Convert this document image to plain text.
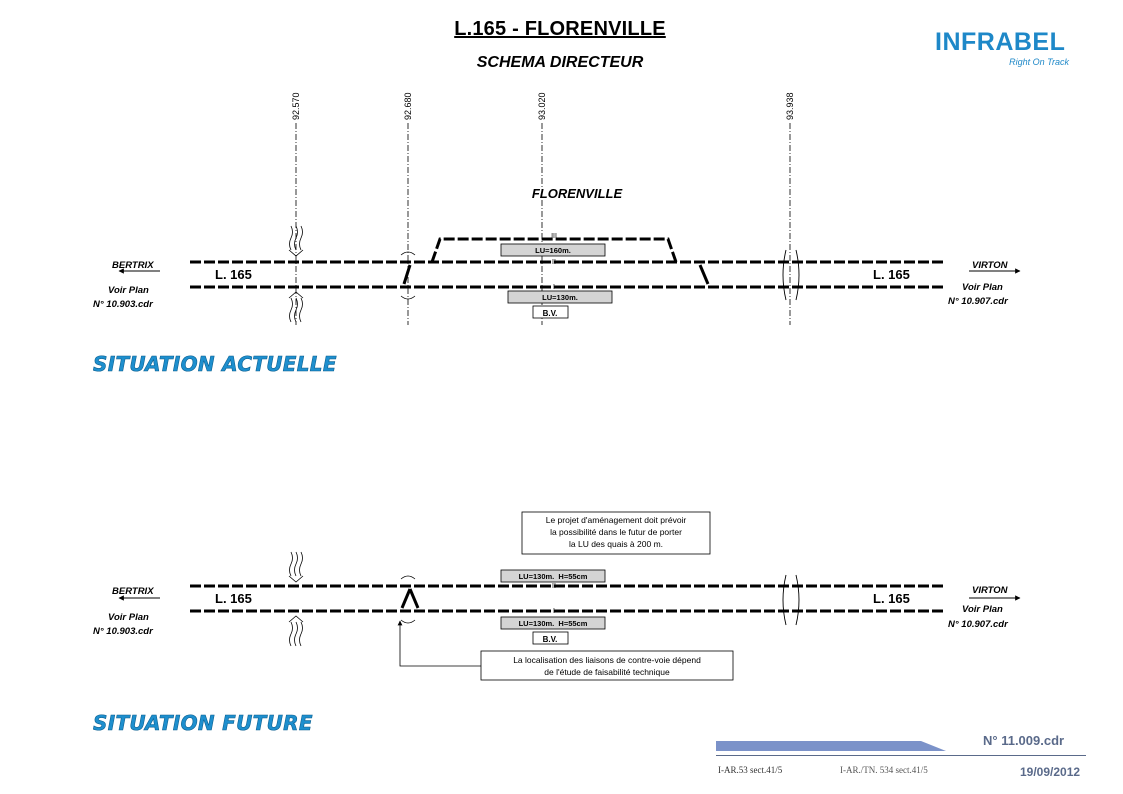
L.165 - FLORENVILLE
SCHEMA DIRECTEUR
INFRABEL
Right On Track
92.570	92.680	93.020	93.938
FLORENVILLE
LU=160m.
LU=130m.
B.V.
III
II
I
L. 165	L. 165
BERTRIX
Voir Plan
N° 10.903.cdr
VIRTON
Voir Plan
N° 10.907.cdr
LU=130m.  H=55cm
LU=130m.  H=55cm
B.V.
II
I
L. 165	L. 165
BERTRIX
Voir Plan
N° 10.903.cdr
VIRTON
Voir Plan
N° 10.907.cdr
Le projet d'aménagement doit prévoir
la possibilité dans le futur de porter
la LU des quais à 200 m.
La localisation des liaisons de contre-voie dépend
de l'étude de faisabilité technique
SITUATION ACTUELLE
SITUATION FUTURE
N° 11.009.cdr
19/09/2012
I-AR.53 sect.41/5	I-AR./TN. 534 sect.41/5
